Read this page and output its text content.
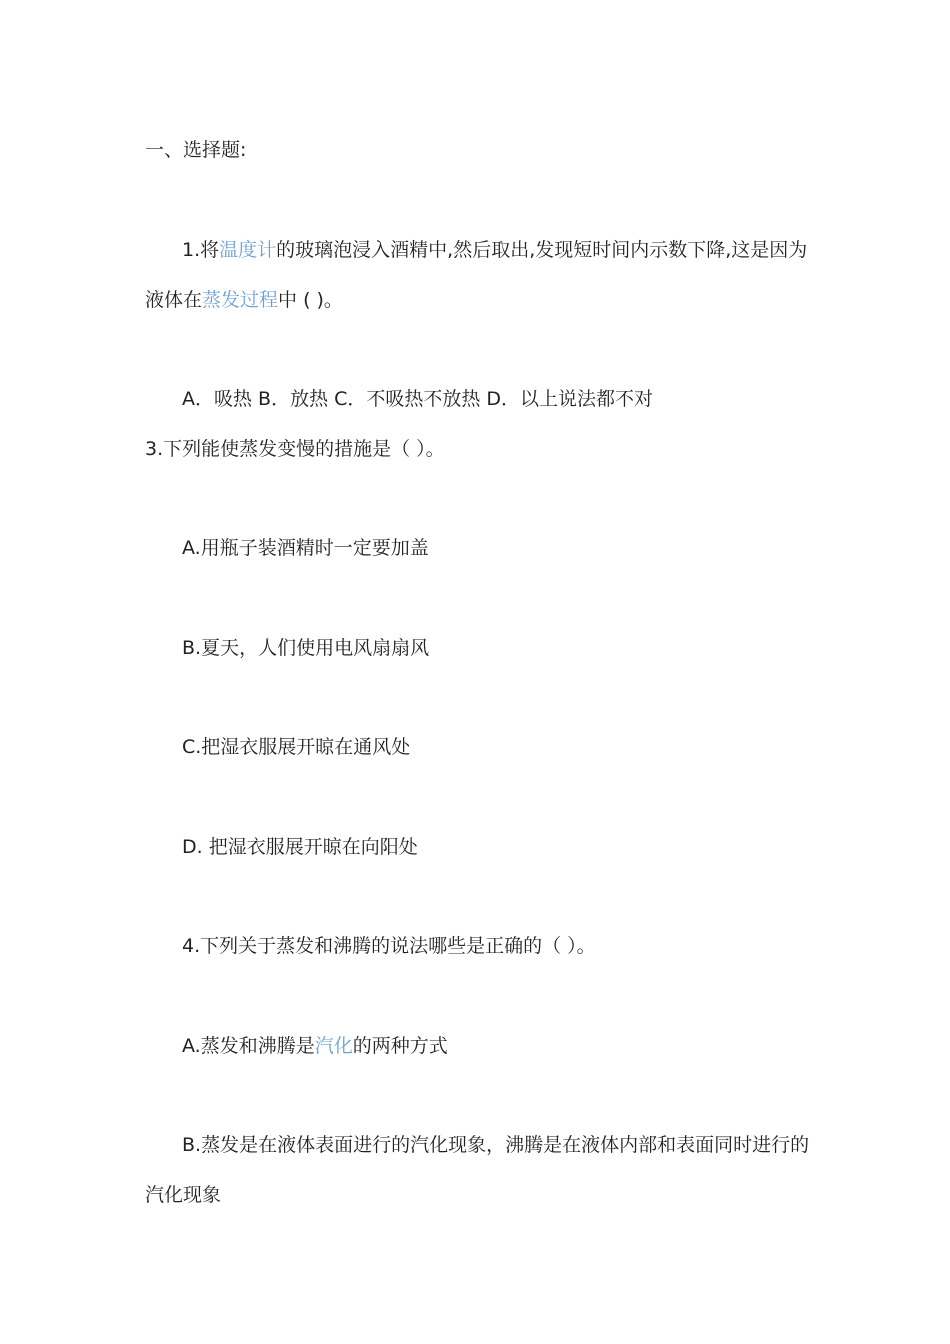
一、选择题:
1.将温度计的玻璃泡浸入酒精中,然后取出,发现短时间内示数下降,这是因为
液体在蒸发过程中 ( )。
A．吸热 B．放热 C．不吸热不放热 D．以上说法都不对
3.下列能使蒸发变慢的措施是（ ）。
A.用瓶子装酒精时一定要加盖
B.夏天，人们使用电风扇扇风
C.把湿衣服展开晾在通风处
D. 把湿衣服展开晾在向阳处
4.下列关于蒸发和沸腾的说法哪些是正确的（ ）。
A.蒸发和沸腾是汽化的两种方式
B.蒸发是在液体表面进行的汽化现象，沸腾是在液体内部和表面同时进行的
汽化现象
